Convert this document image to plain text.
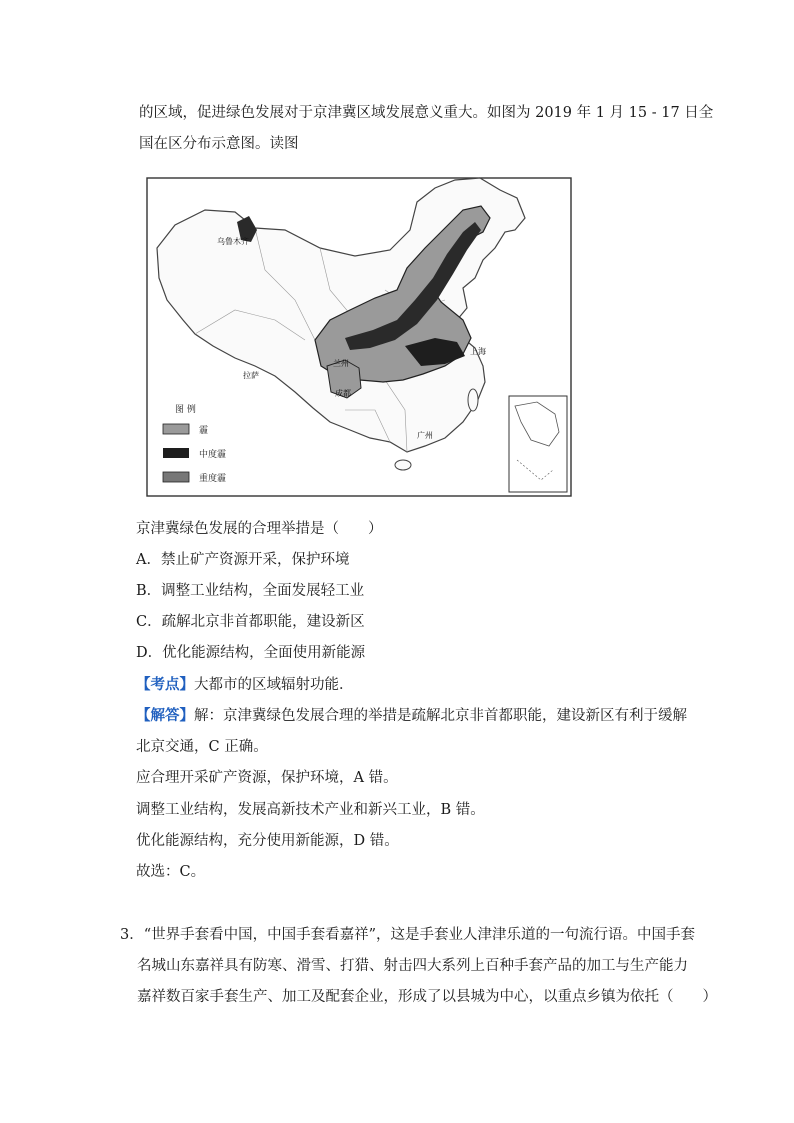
的区域，促进绿色发展对于京津冀区域发展意义重大。如图为 2019 年 1 月 15 - 17 日全
国在区分布示意图。读图
乌鲁木齐
兰州
成都
拉萨
上海
广州
图 例
霾
中度霾
重度霾
京津冀绿色发展的合理举措是（　　）
A．禁止矿产资源开采，保护环境
B．调整工业结构，全面发展轻工业
C．疏解北京非首都职能，建设新区
D．优化能源结构，全面使用新能源
【考点】大都市的区域辐射功能．
【解答】解：京津冀绿色发展合理的举措是疏解北京非首都职能，建设新区有利于缓解
北京交通，C 正确。
应合理开采矿产资源，保护环境，A 错。
调整工业结构，发展高新技术产业和新兴工业，B 错。
优化能源结构，充分使用新能源，D 错。
故选：C。
3．“世界手套看中国，中国手套看嘉祥”，这是手套业人津津乐道的一句流行语。中国手套
名城山东嘉祥具有防寒、滑雪、打猎、射击四大系列上百种手套产品的加工与生产能力
嘉祥数百家手套生产、加工及配套企业，形成了以县城为中心，以重点乡镇为依托（　　）
